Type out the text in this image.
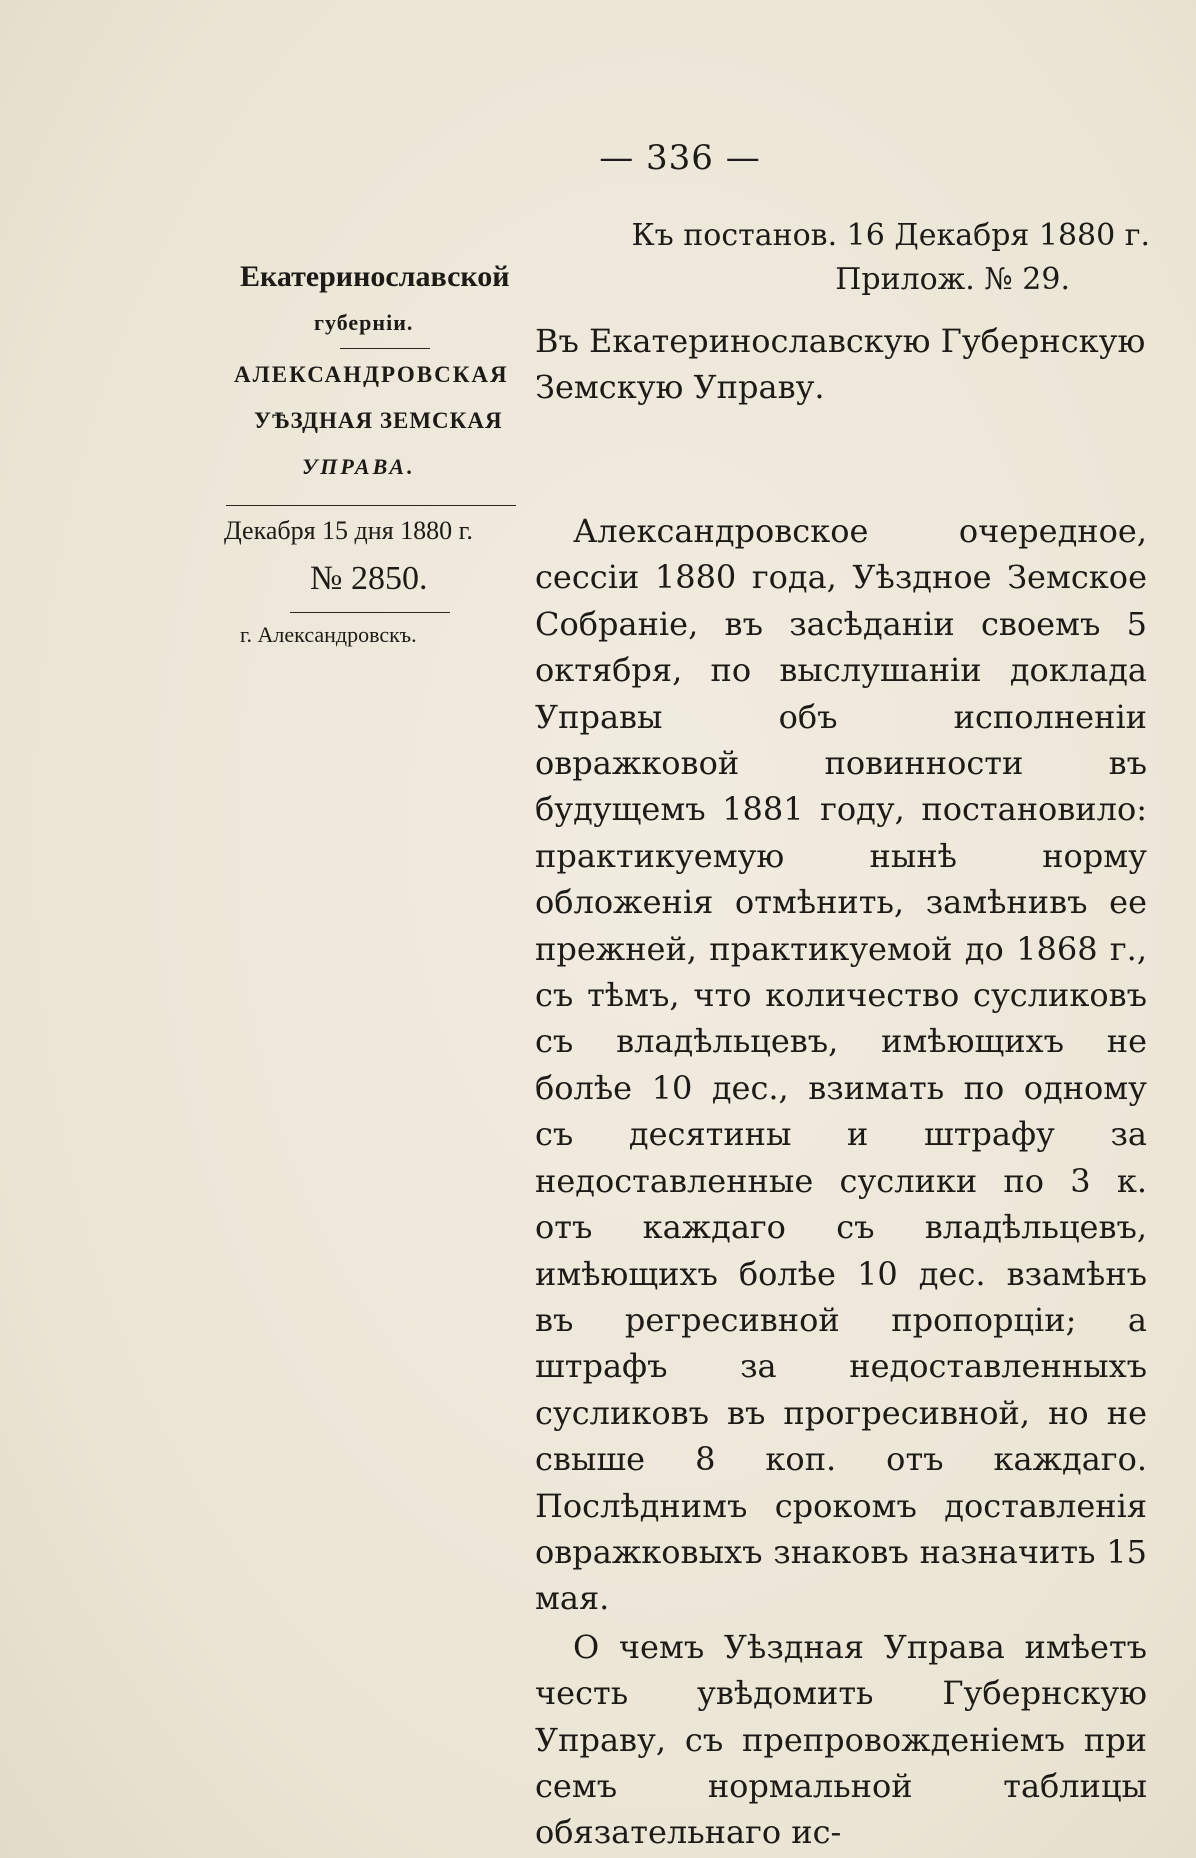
— 336 —
Къ постанов. 16 Декабря 1880 г.
Прилож. № 29.
Екатеринославской
губерніи.
АЛЕКСАНДРОВСКАЯ
УѢЗДНАЯ ЗЕМСКАЯ
УПРАВА.
Декабря 15 дня 1880 г.
№ 2850.
г. Александровскъ.
Въ Екатеринославскую Губернскую
Земскую Управу.

Александровское очередное, сессіи 1880 года, Уѣздное Земское Собраніе, въ засѣданіи своемъ 5 октября, по выслушаніи доклада Управы объ исполненіи овражковой повинности въ будущемъ 1881 году, постановило: практикуемую нынѣ норму обложенія отмѣнить, замѣнивъ ее прежней, практикуемой до 1868 г., съ тѣмъ, что количество сусликовъ съ владѣльцевъ, имѣющихъ не болѣе 10 дес., взимать по одному съ десятины и штрафу за недоставленные суслики по 3 к. отъ каждаго съ владѣльцевъ, имѣющихъ болѣе 10 дес. взамѣнъ въ регресивной пропорціи; а штрафъ за недоставленныхъ сусликовъ въ прогресивной, но не свыше 8 коп. отъ каждаго. Послѣднимъ срокомъ доставленія овражковыхъ знаковъ назначить 15 мая.

О чемъ Уѣздная Управа имѣетъ честь увѣдомить Губернскую Управу, съ препровожденіемъ при семъ нормальной таблицы обязательнаго ис-
